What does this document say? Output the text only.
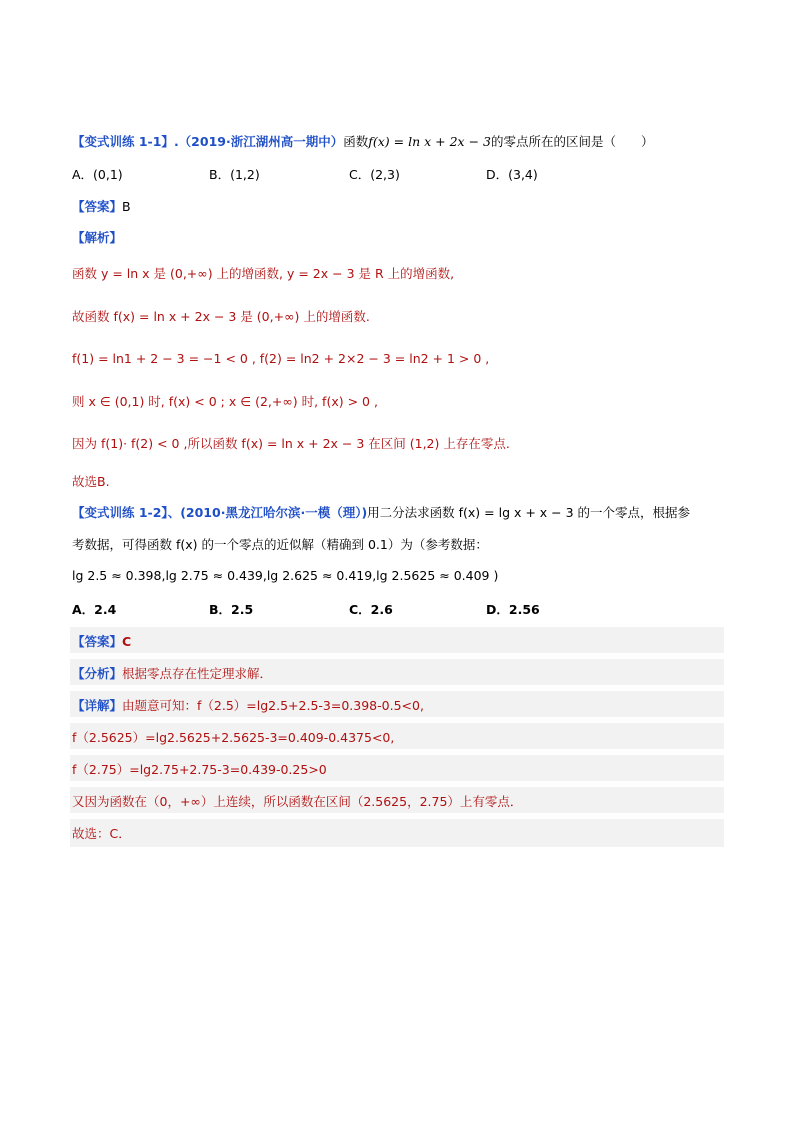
【变式训练 1-1】.（2019·浙江湖州高一期中）函数f(x) = ln x + 2x − 3的零点所在的区间是（　　）
A．(0,1)	B．(1,2)	C．(2,3)	D．(3,4)
【答案】B
【解析】
函数 y = ln x 是 (0,+∞) 上的增函数, y = 2x − 3 是 R 上的增函数,
故函数 f(x) = ln x + 2x − 3 是 (0,+∞) 上的增函数.
f(1) = ln1 + 2 − 3 = −1 < 0 , f(2) = ln2 + 2×2 − 3 = ln2 + 1 > 0 ,
则 x ∈ (0,1) 时, f(x) < 0 ; x ∈ (2,+∞) 时, f(x) > 0 ,
因为 f(1)· f(2) < 0 ,所以函数 f(x) = ln x + 2x − 3 在区间 (1,2) 上存在零点.
故选B.
【变式训练 1-2】、(2010·黑龙江哈尔滨·一模（理）)用二分法求函数 f(x) = lg x + x − 3 的一个零点，根据参
考数据，可得函数 f(x) 的一个零点的近似解（精确到 0.1）为（参考数据：
lg 2.5 ≈ 0.398,lg 2.75 ≈ 0.439,lg 2.625 ≈ 0.419,lg 2.5625 ≈ 0.409 )
A．2.4	B．2.5	C．2.6	D．2.56
【答案】C
【分析】根据零点存在性定理求解．
【详解】由题意可知：f（2.5）=lg2.5+2.5-3=0.398-0.5<0,
f（2.5625）=lg2.5625+2.5625-3=0.409-0.4375<0,
f（2.75）=lg2.75+2.75-3=0.439-0.25>0
又因为函数在（0，+∞）上连续，所以函数在区间（2.5625，2.75）上有零点．
故选：C．
